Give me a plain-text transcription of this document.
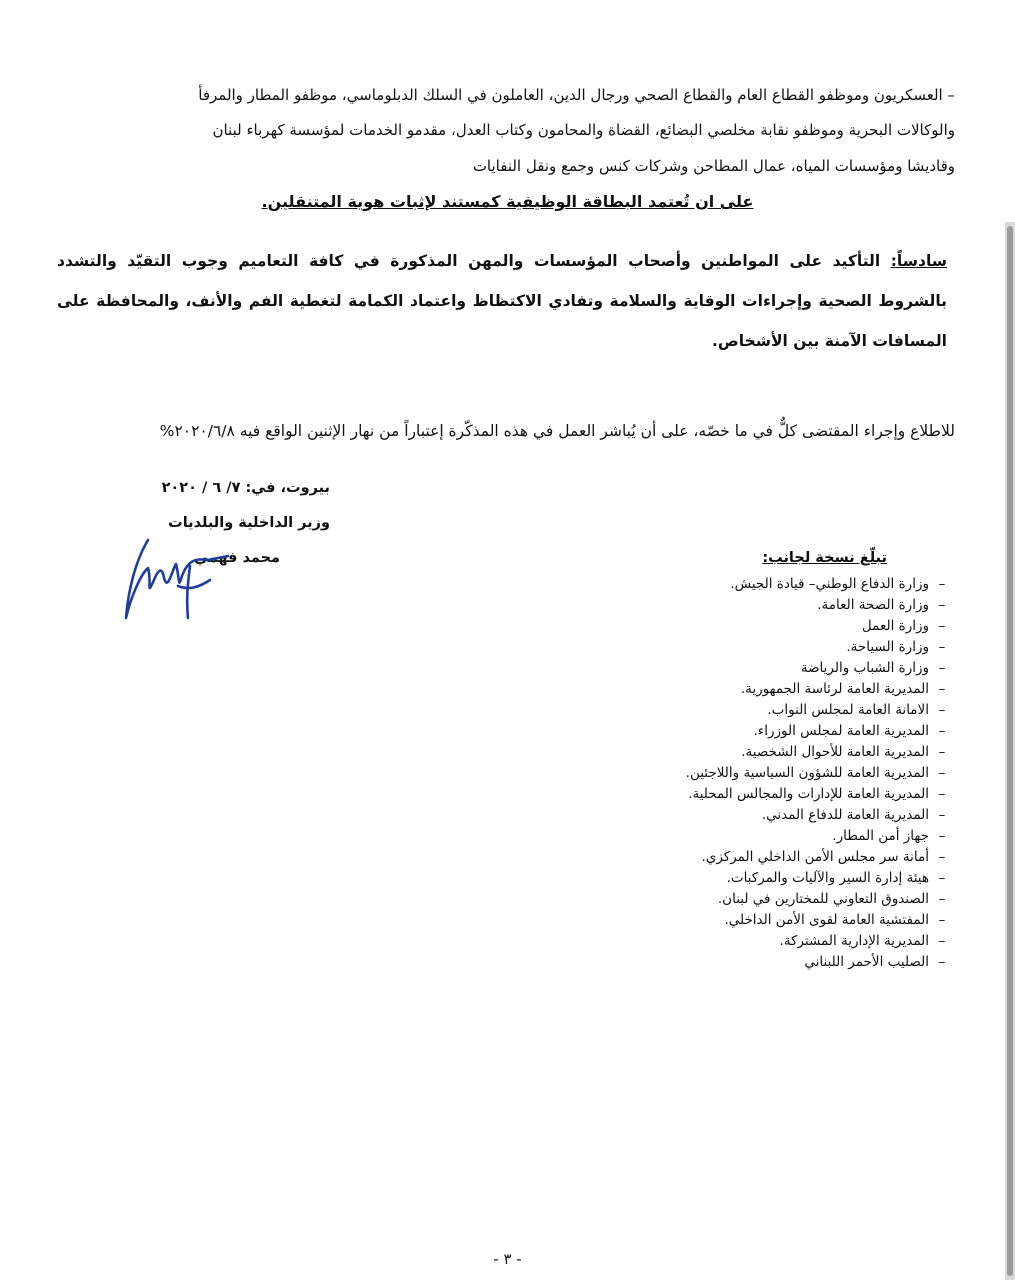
– العسكريون وموظفو القطاع العام والقطاع الصحي ورجال الدين، العاملون في السلك الدبلوماسي، موظفو المطار والمرفأ
والوكالات البحرية وموظفو نقابة مخلصي البضائع، القضاة والمحامون وكتاب العدل، مقدمو الخدمات لمؤسسة كهرباء لبنان
وقاديشا ومؤسسات المياه، عمال المطاحن وشركات كنس وجمع ونقل النفايات
على ان تُعتمد البطاقة الوظيفية كمستند لإثبات هوية المتنقلين.
سادساً: التأكيد على المواطنين وأصحاب المؤسسات والمهن المذكورة في كافة التعاميم وجوب التقيّد والتشدد بالشروط الصحية وإجراءات الوقاية والسلامة وتفادي الاكتظاظ واعتماد الكمامة لتغطية الفم والأنف، والمحافظة على المسافات الآمنة بين الأشخاص.
للاطلاع وإجراء المقتضى كلٌّ في ما خصّه، على أن يُباشر العمل في هذه المذكّرة إعتباراً من نهار الإثنين الواقع فيه ٢٠٢٠/٦/٨%
بيروت، في: ٧/ ٦ / ٢٠٢٠
وزير الداخلية والبلديات
محمد فهمي	تبلّغ نسخة لجانب:
–وزارة الدفاع الوطني– قيادة الجيش.
–وزارة الصحة العامة.
–وزارة العمل
–وزارة السياحة.
–وزارة الشباب والرياضة
–المديرية العامة لرئاسة الجمهورية.
–الامانة العامة لمجلس النواب.
–المديرية العامة لمجلس الوزراء.
–المديرية العامة للأحوال الشخصية.
–المديرية العامة للشؤون السياسية واللاجئين.
–المديرية العامة للإدارات والمجالس المحلية.
–المديرية العامة للدفاع المدني.
–جهاز أمن المطار.
–أمانة سر مجلس الأمن الداخلي المركزي.
–هيئة إدارة السير والآليات والمركبات.
–الصندوق التعاوني للمختارين في لبنان.
–المفتشية العامة لقوى الأمن الداخلي.
–المديرية الإدارية المشتركة.
–الصليب الأحمر اللبناني
- ٣ -
